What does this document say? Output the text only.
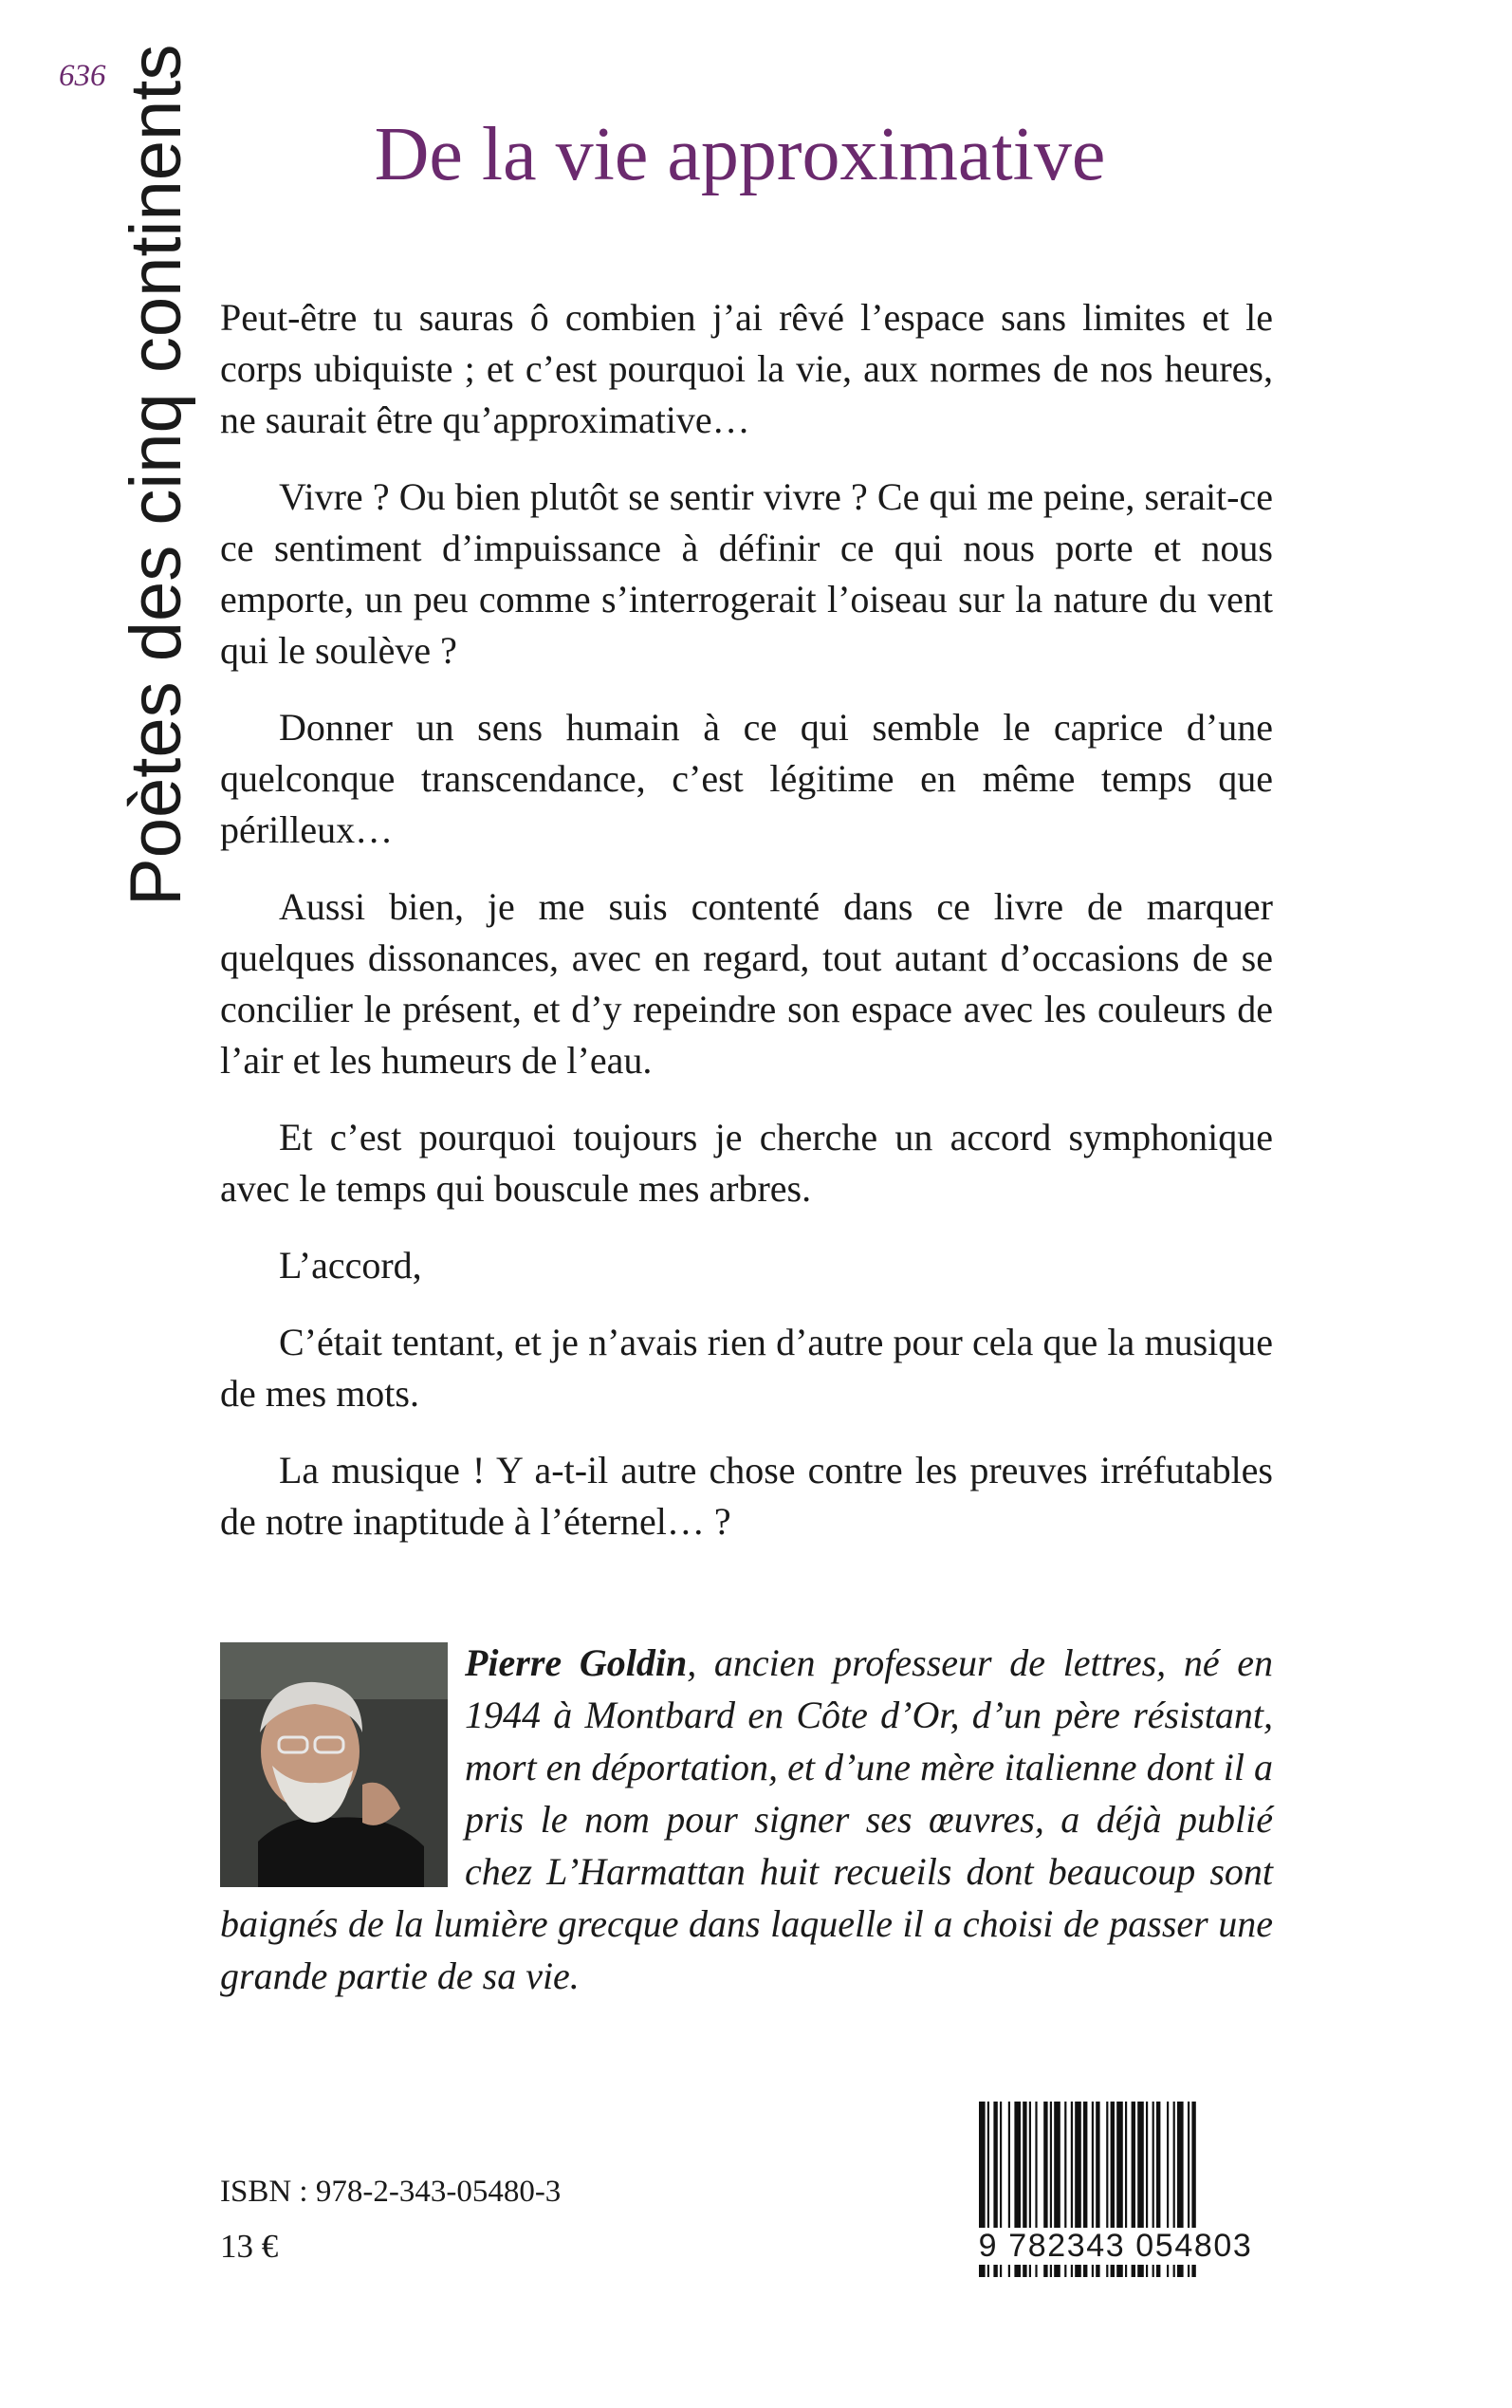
636 Poètes des cinq continents	De la vie approximative

Peut-être tu sauras ô combien j’ai rêvé l’espace sans limites et le corps ubiquiste ; et c’est pourquoi la vie, aux normes de nos heures, ne saurait être qu’approximative…

Vivre ? Ou bien plutôt se sentir vivre ? Ce qui me peine, serait-ce ce sentiment d’impuissance à définir ce qui nous porte et nous emporte, un peu comme s’interrogerait l’oiseau sur la nature du vent qui le soulève ?

Donner un sens humain à ce qui semble le caprice d’une quelconque transcendance, c’est légitime en même temps que périlleux…

Aussi bien, je me suis contenté dans ce livre de marquer quelques dissonances, avec en regard, tout autant d’occasions de se concilier le présent, et d’y repeindre son espace avec les couleurs de l’air et les humeurs de l’eau.

Et c’est pourquoi toujours je cherche un accord symphonique avec le temps qui bouscule mes arbres.

L’accord,

C’était tentant, et je n’avais rien d’autre pour cela que la musique de mes mots.

La musique ! Y a-t-il autre chose contre les preuves irréfutables de notre inaptitude à l’éternel… ?

Pierre Goldin, ancien professeur de lettres, né en 1944 à Montbard en Côte d’Or, d’un père résistant, mort en déportation, et d’une mère italienne dont il a pris le nom pour signer ses œuvres, a déjà publié chez L’Harmattan huit recueils dont beaucoup sont baignés de la lumière grecque dans laquelle il a choisi de passer une grande partie de sa vie.
ISBN : 978-2-343-05480-3
13 €	9 782343 054803
